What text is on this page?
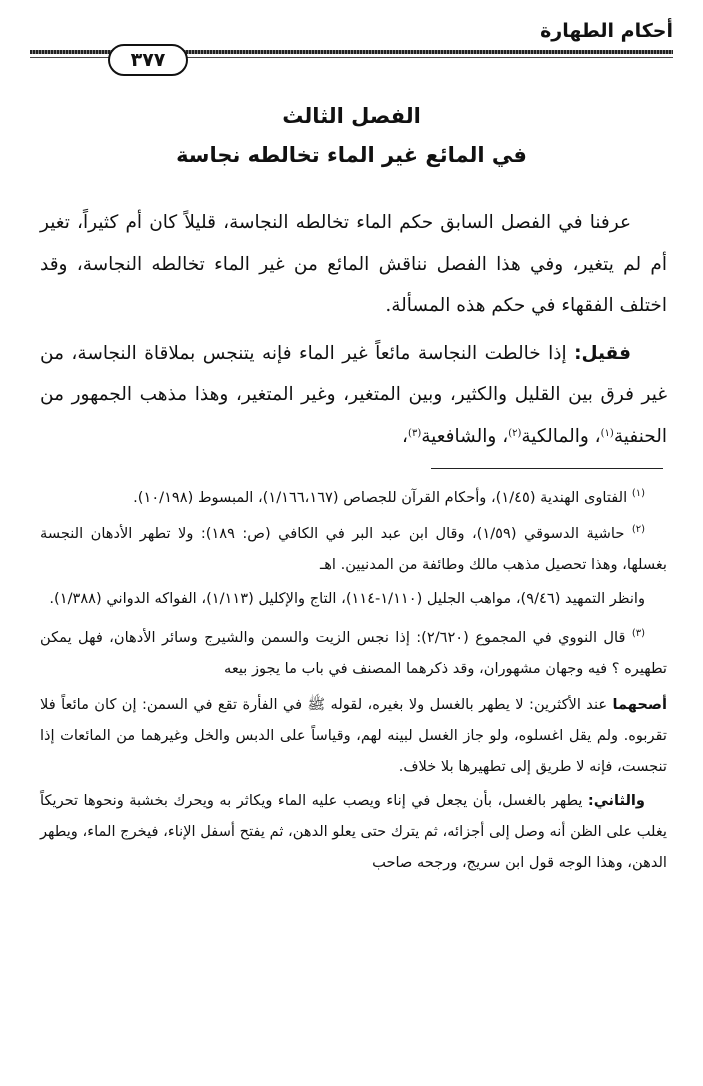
أحكام الطهارة
٣٧٧
الفصل الثالث
في المائع غير الماء تخالطه نجاسة

عرفنا في الفصل السابق حكم الماء تخالطه النجاسة، قليلاً كان أم كثيراً، تغير أم لم يتغير، وفي هذا الفصل نناقش المائع من غير الماء تخالطه النجاسة، وقد اختلف الفقهاء في حكم هذه المسألة.

فقيل: إذا خالطت النجاسة مائعاً غير الماء فإنه يتنجس بملاقاة النجاسة، من غير فرق بين القليل والكثير، وبين المتغير، وغير المتغير، وهذا مذهب الجمهور من الحنفية$^{(١)}$، والمالكية$^{(٢)}$، والشافعية$^{(٣)}$،

$^{(١)}$ الفتاوى الهندية (١/٤٥)، وأحكام القرآن للجصاص (١/١٦٦،١٦٧)، المبسوط (١٠/١٩٨).

$^{(٢)}$ حاشية الدسوقي (١/٥٩)، وقال ابن عبد البر في الكافي (ص: ١٨٩): ولا تطهر الأدهان النجسة بغسلها، وهذا تحصيل مذهب مالك وطائفة من المدنيين. اهـ

وانظر التمهيد (٩/٤٦)، مواهب الجليل (١/١١٠-١١٤)، التاج والإكليل (١/١١٣)، الفواكه الدواني (١/٣٨٨).

$^{(٣)}$ قال النووي في المجموع (٢/٦٢٠): إذا نجس الزيت والسمن والشيرج وسائر الأدهان، فهل يمكن تطهيره ؟ فيه وجهان مشهوران، وقد ذكرهما المصنف في باب ما يجوز بيعه

أصحهما عند الأكثرين: لا يطهر بالغسل ولا بغيره، لقوله ﷺ في الفأرة تقع في السمن: إن كان مائعاً فلا تقربوه. ولم يقل اغسلوه، ولو جاز الغسل لبينه لهم، وقياساً على الدبس والخل وغيرهما من المائعات إذا تنجست، فإنه لا طريق إلى تطهيرها بلا خلاف.

والثاني: يطهر بالغسل، بأن يجعل في إناء ويصب عليه الماء ويكاثر به ويحرك بخشبة ونحوها تحريكاً يغلب على الظن أنه وصل إلى أجزائه، ثم يترك حتى يعلو الدهن، ثم يفتح أسفل الإناء، فيخرج الماء، ويطهر الدهن، وهذا الوجه قول ابن سريج، ورجحه صاحب
